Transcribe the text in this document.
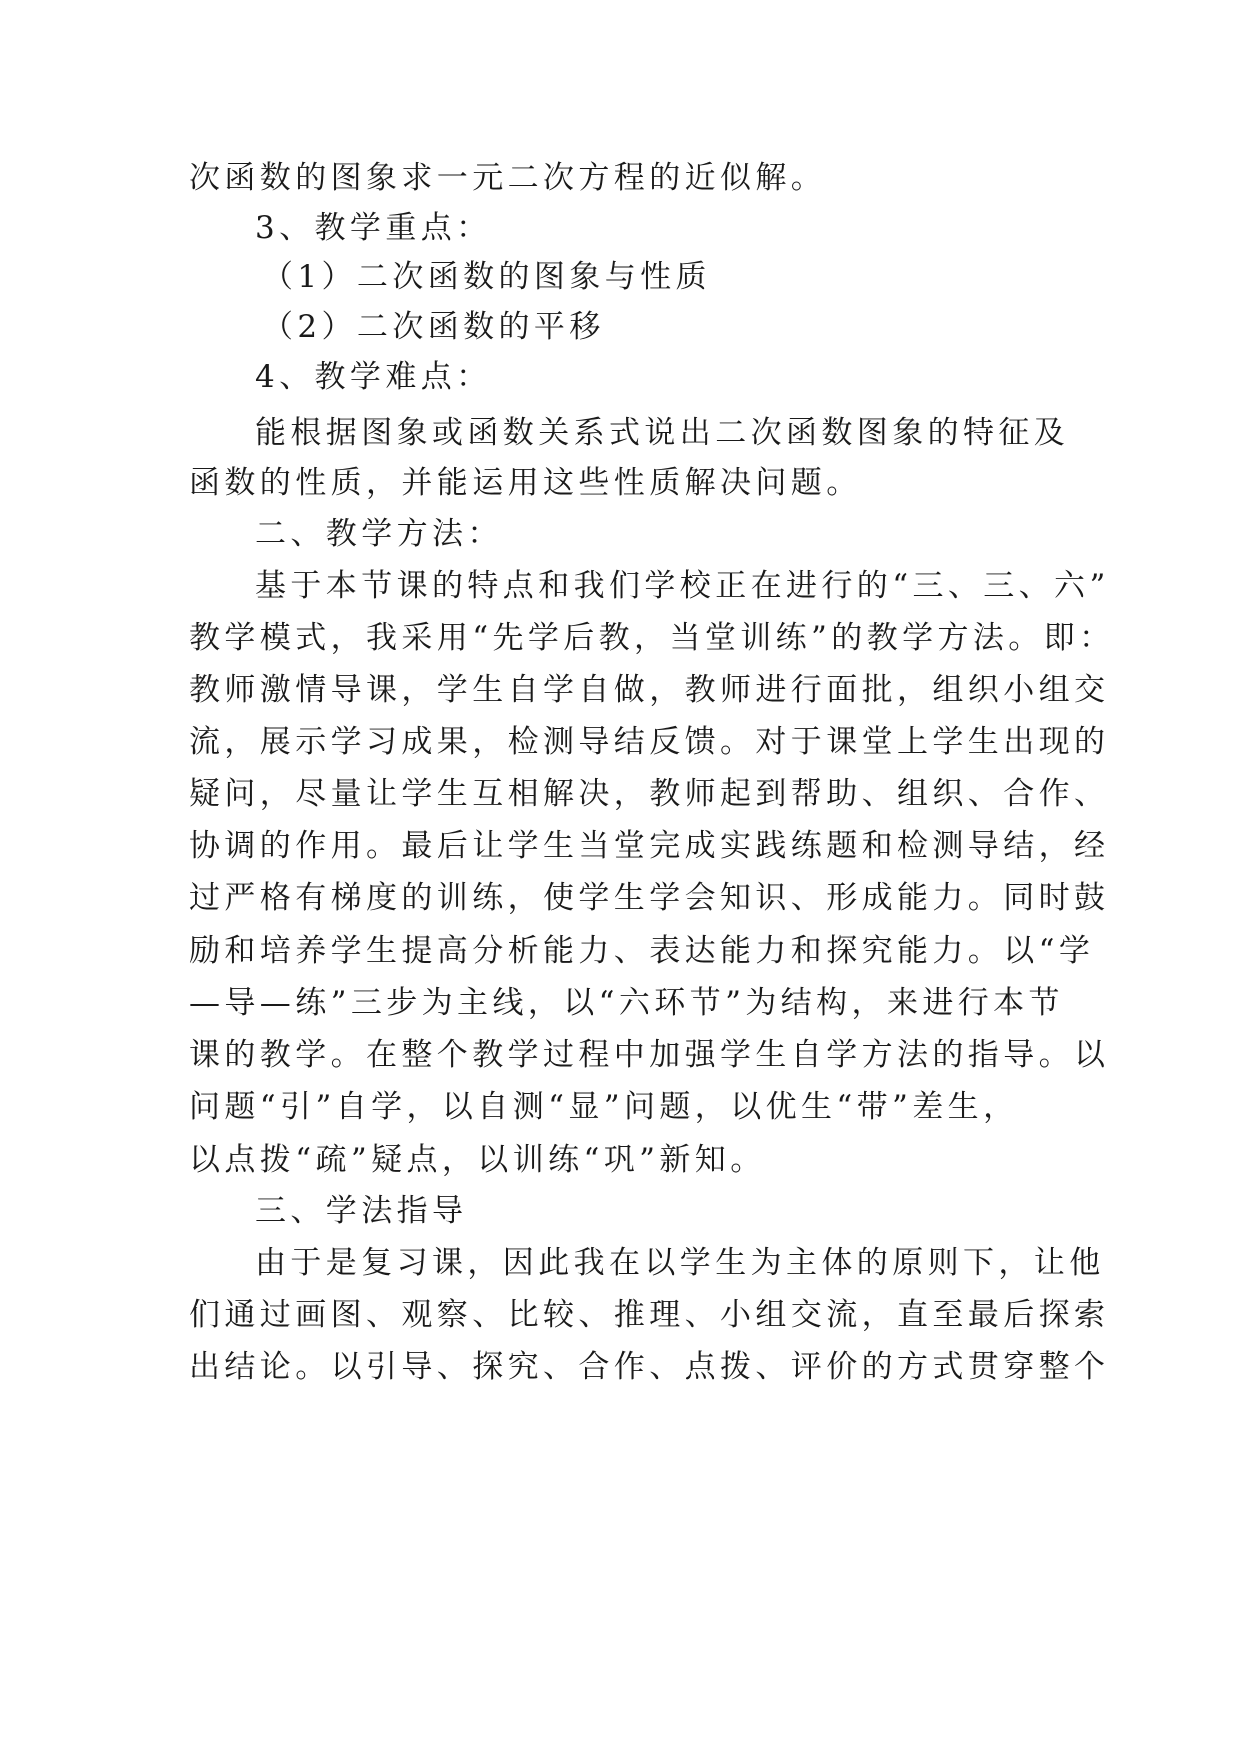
次函数的图象求一元二次方程的近似解。
3、教学重点：
（1）二次函数的图象与性质
（2）二次函数的平移
4、教学难点：
能根据图象或函数关系式说出二次函数图象的特征及
函数的性质，并能运用这些性质解决问题。
二、教学方法：
基于本节课的特点和我们学校正在进行的“三、三、六”
教学模式，我采用“先学后教，当堂训练”的教学方法。即：
教师激情导课，学生自学自做，教师进行面批，组织小组交
流，展示学习成果，检测导结反馈。对于课堂上学生出现的
疑问，尽量让学生互相解决，教师起到帮助、组织、合作、
协调的作用。最后让学生当堂完成实践练题和检测导结，经
过严格有梯度的训练，使学生学会知识、形成能力。同时鼓
励和培养学生提高分析能力、表达能力和探究能力。以“学
—导—练”三步为主线，以“六环节”为结构，来进行本节
课的教学。在整个教学过程中加强学生自学方法的指导。以
问题“引”自学，以自测“显”问题，以优生“带”差生，
以点拨“疏”疑点，以训练“巩”新知。
三、学法指导
由于是复习课，因此我在以学生为主体的原则下，让他
们通过画图、观察、比较、推理、小组交流，直至最后探索
出结论。以引导、探究、合作、点拨、评价的方式贯穿整个
